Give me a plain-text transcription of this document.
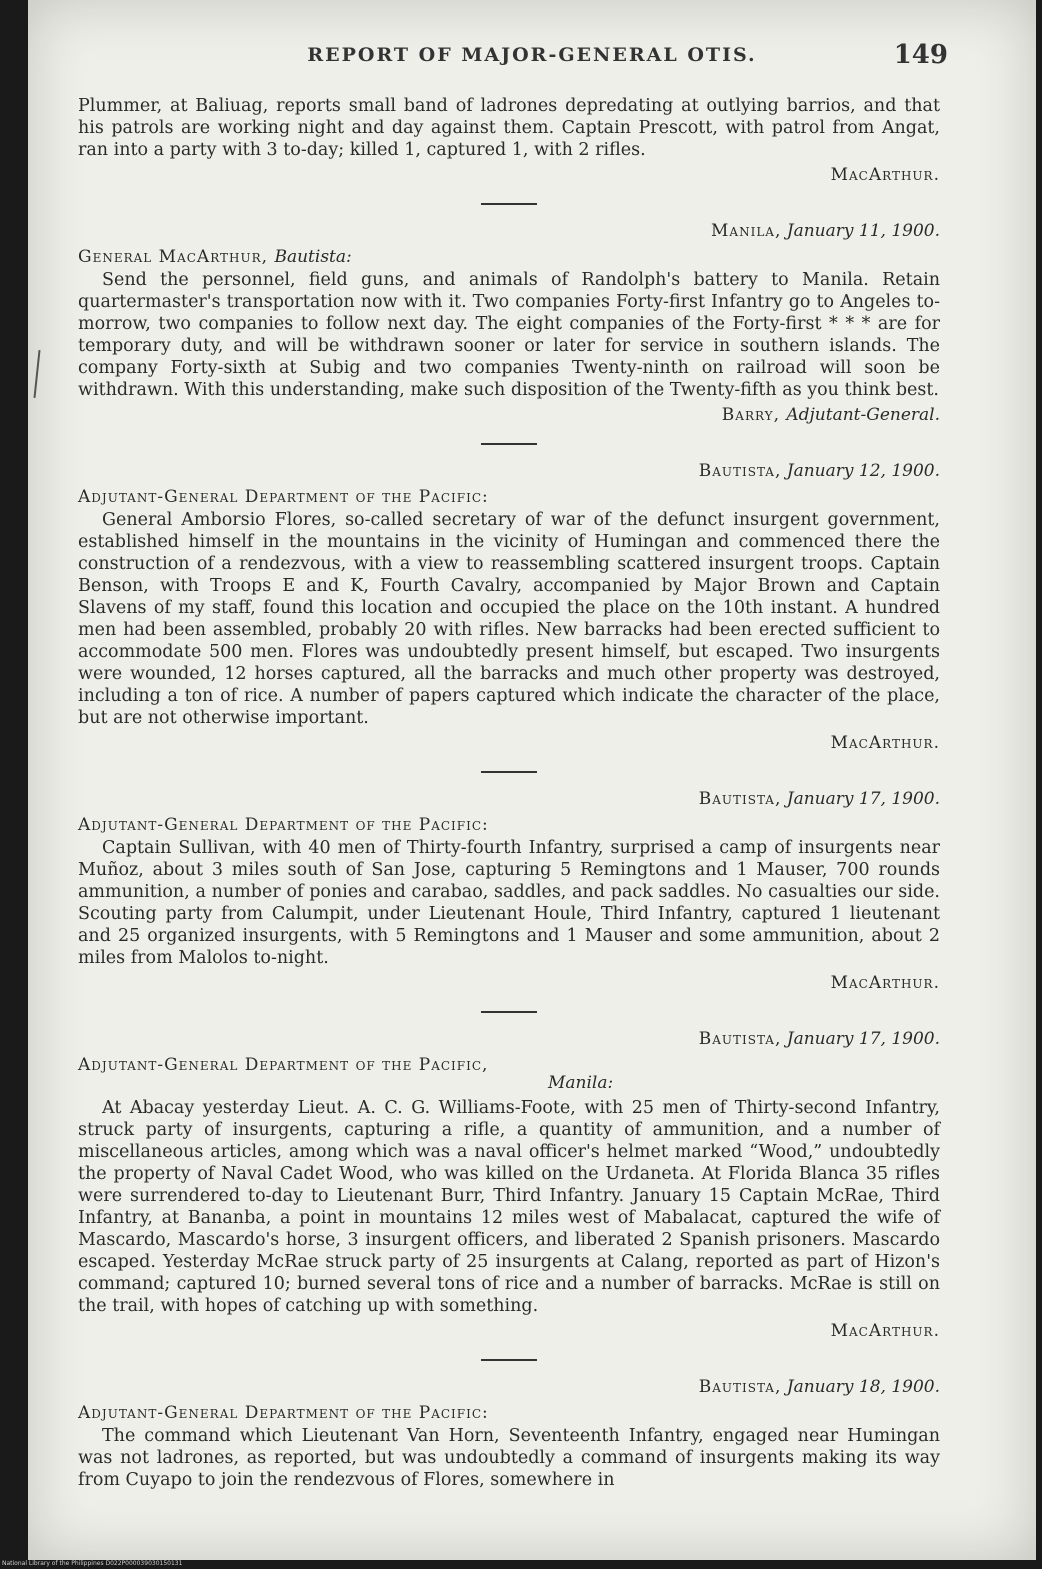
REPORT OF MAJOR-GENERAL OTIS.	149

Plummer, at Baliuag, reports small band of ladrones depredating at outlying barrios, and that his patrols are working night and day against them. Captain Prescott, with patrol from Angat, ran into a party with 3 to-day; killed 1, captured 1, with 2 rifles.

MacArthur.
Manila, January 11, 1900.
General MacArthur, Bautista:

Send the personnel, field guns, and animals of Randolph's battery to Manila. Retain quartermaster's transportation now with it. Two companies Forty-first Infantry go to Angeles to-morrow, two companies to follow next day. The eight companies of the Forty-first * * * are for temporary duty, and will be withdrawn sooner or later for service in southern islands. The company Forty-sixth at Subig and two companies Twenty-ninth on railroad will soon be withdrawn. With this understanding, make such disposition of the Twenty-fifth as you think best.

Barry, Adjutant-General.
Bautista, January 12, 1900.
Adjutant-General Department of the Pacific:

General Amborsio Flores, so-called secretary of war of the defunct insurgent government, established himself in the mountains in the vicinity of Humingan and commenced there the construction of a rendezvous, with a view to reassembling scattered insurgent troops. Captain Benson, with Troops E and K, Fourth Cavalry, accompanied by Major Brown and Captain Slavens of my staff, found this location and occupied the place on the 10th instant. A hundred men had been assembled, probably 20 with rifles. New barracks had been erected sufficient to accommodate 500 men. Flores was undoubtedly present himself, but escaped. Two insurgents were wounded, 12 horses captured, all the barracks and much other property was destroyed, including a ton of rice. A number of papers captured which indicate the character of the place, but are not otherwise important.

MacArthur.
Bautista, January 17, 1900.
Adjutant-General Department of the Pacific:

Captain Sullivan, with 40 men of Thirty-fourth Infantry, surprised a camp of insurgents near Muñoz, about 3 miles south of San Jose, capturing 5 Remingtons and 1 Mauser, 700 rounds ammunition, a number of ponies and carabao, saddles, and pack saddles. No casualties our side. Scouting party from Calumpit, under Lieutenant Houle, Third Infantry, captured 1 lieutenant and 25 organized insurgents, with 5 Remingtons and 1 Mauser and some ammunition, about 2 miles from Malolos to-night.

MacArthur.
Bautista, January 17, 1900.
Adjutant-General Department of the Pacific,
Manila:

At Abacay yesterday Lieut. A. C. G. Williams-Foote, with 25 men of Thirty-second Infantry, struck party of insurgents, capturing a rifle, a quantity of ammunition, and a number of miscellaneous articles, among which was a naval officer's helmet marked “Wood,” undoubtedly the property of Naval Cadet Wood, who was killed on the Urdaneta. At Florida Blanca 35 rifles were surrendered to-day to Lieutenant Burr, Third Infantry. January 15 Captain McRae, Third Infantry, at Bananba, a point in mountains 12 miles west of Mabalacat, captured the wife of Mascardo, Mascardo's horse, 3 insurgent officers, and liberated 2 Spanish prisoners. Mascardo escaped. Yesterday McRae struck party of 25 insurgents at Calang, reported as part of Hizon's command; captured 10; burned several tons of rice and a number of barracks. McRae is still on the trail, with hopes of catching up with something.

MacArthur.
Bautista, January 18, 1900.
Adjutant-General Department of the Pacific:

The command which Lieutenant Van Horn, Seventeenth Infantry, engaged near Humingan was not ladrones, as reported, but was undoubtedly a command of insurgents making its way from Cuyapo to join the rendezvous of Flores, somewhere in

National Library of the Philippines D022P000039030150131
